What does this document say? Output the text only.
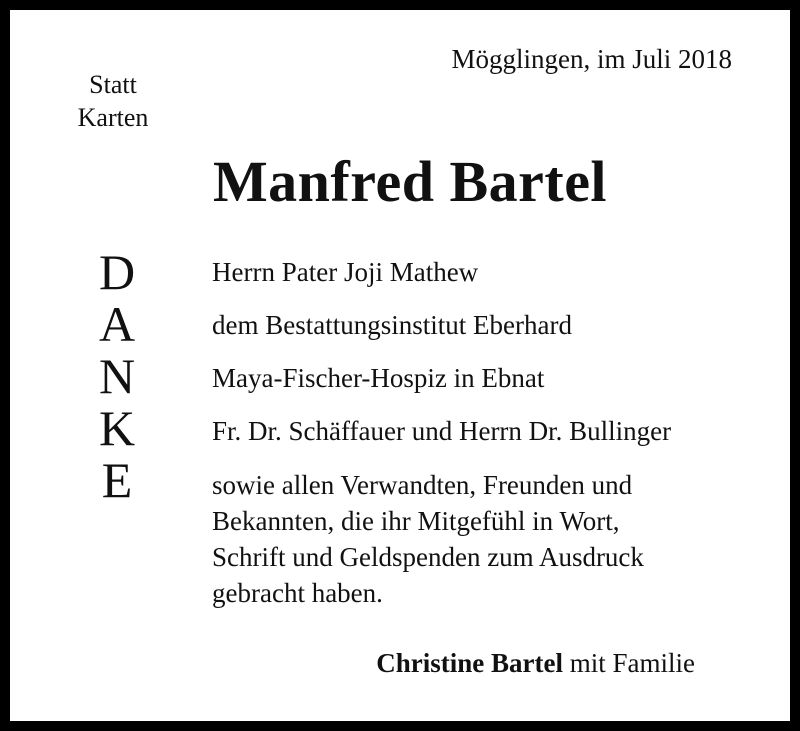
Statt
Karten
Mögglingen, im Juli 2018
Manfred Bartel
D
A
N
K
E
Herrn Pater Joji Mathew
dem Bestattungsinstitut Eberhard
Maya-Fischer-Hospiz in Ebnat
Fr. Dr. Schäffauer und Herrn Dr. Bullinger
sowie allen Verwandten, Freunden und
Bekannten, die ihr Mitgefühl in Wort,
Schrift und Geldspenden zum Ausdruck
gebracht haben.
Christine Bartel mit Familie
